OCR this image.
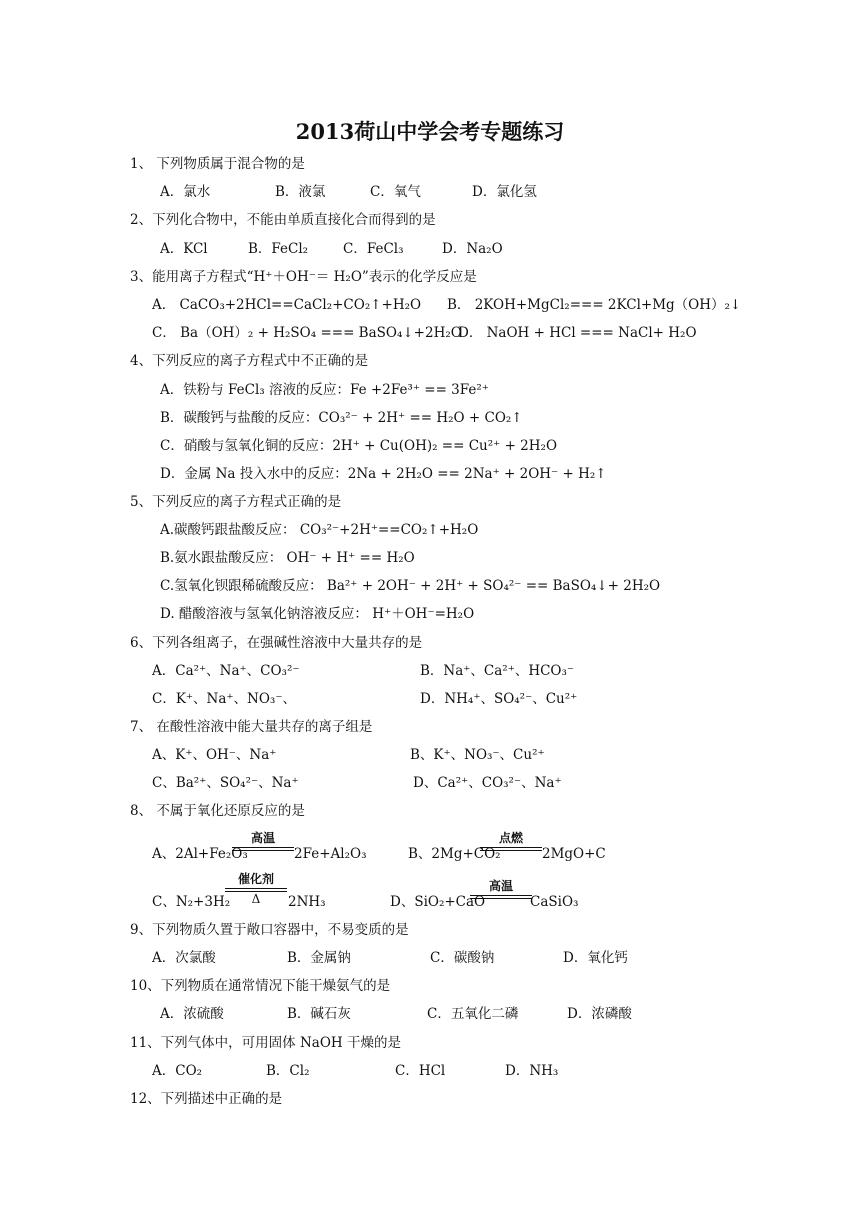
2013荷山中学会考专题练习
1、 下列物质属于混合物的是
A．氯水	B．液氯	C．氧气	D．氯化氢
2、下列化合物中，不能由单质直接化合而得到的是
A．KCl	B．FeCl₂	C．FeCl₃	D．Na₂O
3、能用离子方程式“H⁺＋OH⁻＝ H₂O”表示的化学反应是
A． CaCO₃+2HCl==CaCl₂+CO₂↑+H₂O B． 2KOH+MgCl₂=== 2KCl+Mg（OH）₂↓
C． Ba（OH）₂ + H₂SO₄ === BaSO₄↓+2H₂O
D． NaOH + HCl === NaCl+ H₂O
4、下列反应的离子方程式中不正确的是
A．铁粉与 FeCl₃ 溶液的反应：Fe +2Fe³⁺ == 3Fe²⁺
B．碳酸钙与盐酸的反应：CO₃²⁻ + 2H⁺ == H₂O + CO₂↑
C．硝酸与氢氧化铜的反应：2H⁺ + Cu(OH)₂ == Cu²⁺ + 2H₂O
D．金属 Na 投入水中的反应：2Na + 2H₂O == 2Na⁺ + 2OH⁻ + H₂↑
5、下列反应的离子方程式正确的是
A.碳酸钙跟盐酸反应： CO₃²⁻+2H⁺==CO₂↑+H₂O
B.氨水跟盐酸反应： OH⁻ + H⁺ == H₂O
C.氢氧化钡跟稀硫酸反应： Ba²⁺ + 2OH⁻ + 2H⁺ + SO₄²⁻ == BaSO₄↓+ 2H₂O
D. 醋酸溶液与氢氧化钠溶液反应： H⁺＋OH⁻=H₂O
6、下列各组离子，在强碱性溶液中大量共存的是
A．Ca²⁺、Na⁺、CO₃²⁻	B．Na⁺、Ca²⁺、HCO₃⁻
C．K⁺、Na⁺、NO₃⁻、	D．NH₄⁺、SO₄²⁻、Cu²⁺
7、 在酸性溶液中能大量共存的离子组是
A、K⁺、OH⁻、Na⁺	B、K⁺、NO₃⁻、Cu²⁺
C、Ba²⁺、SO₄²⁻、Na⁺	D、Ca²⁺、CO₃²⁻、Na⁺
8、 不属于氧化还原反应的是
A、2Al+Fe₂O₃	2Fe+Al₂O₃	B、2Mg+CO₂	2MgO+C
C、N₂+3H₂	2NH₃	D、SiO₂+CaO	CaSiO₃
9、下列物质久置于敞口容器中，不易变质的是
A．次氯酸	B．金属钠	C．碳酸钠	D．氧化钙
10、下列物质在通常情况下能干燥氨气的是
A．浓硫酸	B．碱石灰	C．五氧化二磷	D．浓磷酸
11、下列气体中，可用固体 NaOH 干燥的是
A．CO₂	B．Cl₂	C．HCl	D．NH₃
12、下列描述中正确的是
高温	点燃
催化剂
Δ
高温
